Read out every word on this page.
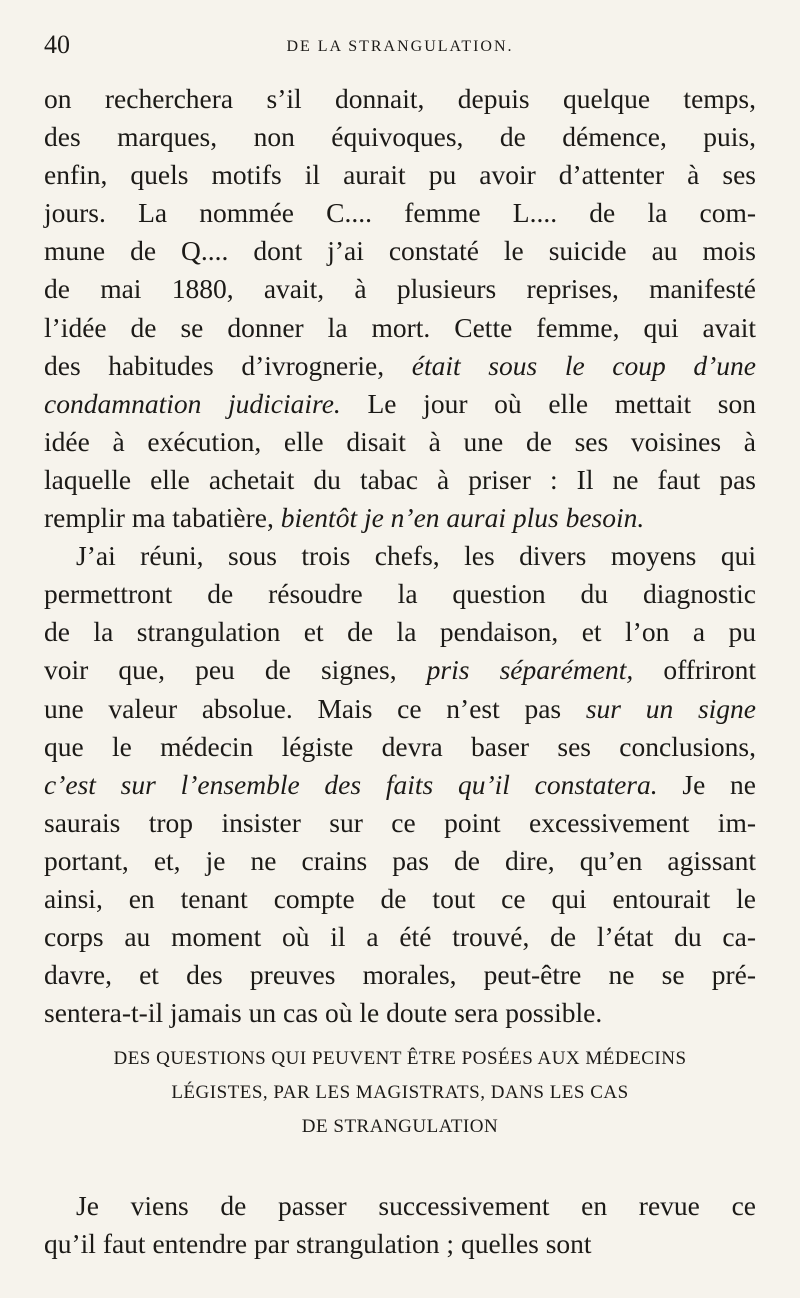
40	DE LA STRANGULATION.
on recherchera s’il donnait, depuis quelque temps,
des marques, non équivoques, de démence, puis,
enfin, quels motifs il aurait pu avoir d’attenter à ses
jours. La nommée C.... femme L.... de la com-
mune de Q.... dont j’ai constaté le suicide au mois
de mai 1880, avait, à plusieurs reprises, manifesté
l’idée de se donner la mort. Cette femme, qui avait
des habitudes d’ivrognerie, était sous le coup d’une
condamnation judiciaire. Le jour où elle mettait son
idée à exécution, elle disait à une de ses voisines à
laquelle elle achetait du tabac à priser : Il ne faut pas
remplir ma tabatière, bientôt je n’en aurai plus besoin.
J’ai réuni, sous trois chefs, les divers moyens qui
permettront de résoudre la question du diagnostic
de la strangulation et de la pendaison, et l’on a pu
voir que, peu de signes, pris séparément, offriront
une valeur absolue. Mais ce n’est pas sur un signe
que le médecin légiste devra baser ses conclusions,
c’est sur l’ensemble des faits qu’il constatera. Je ne
saurais trop insister sur ce point excessivement im-
portant, et, je ne crains pas de dire, qu’en agissant
ainsi, en tenant compte de tout ce qui entourait le
corps au moment où il a été trouvé, de l’état du ca-
davre, et des preuves morales, peut-être ne se pré-
sentera-t-il jamais un cas où le doute sera possible.
DES QUESTIONS QUI PEUVENT ÊTRE POSÉES AUX MÉDECINS
LÉGISTES, PAR LES MAGISTRATS, DANS LES CAS
DE STRANGULATION
Je viens de passer successivement en revue ce
qu’il faut entendre par strangulation ; quelles sont
